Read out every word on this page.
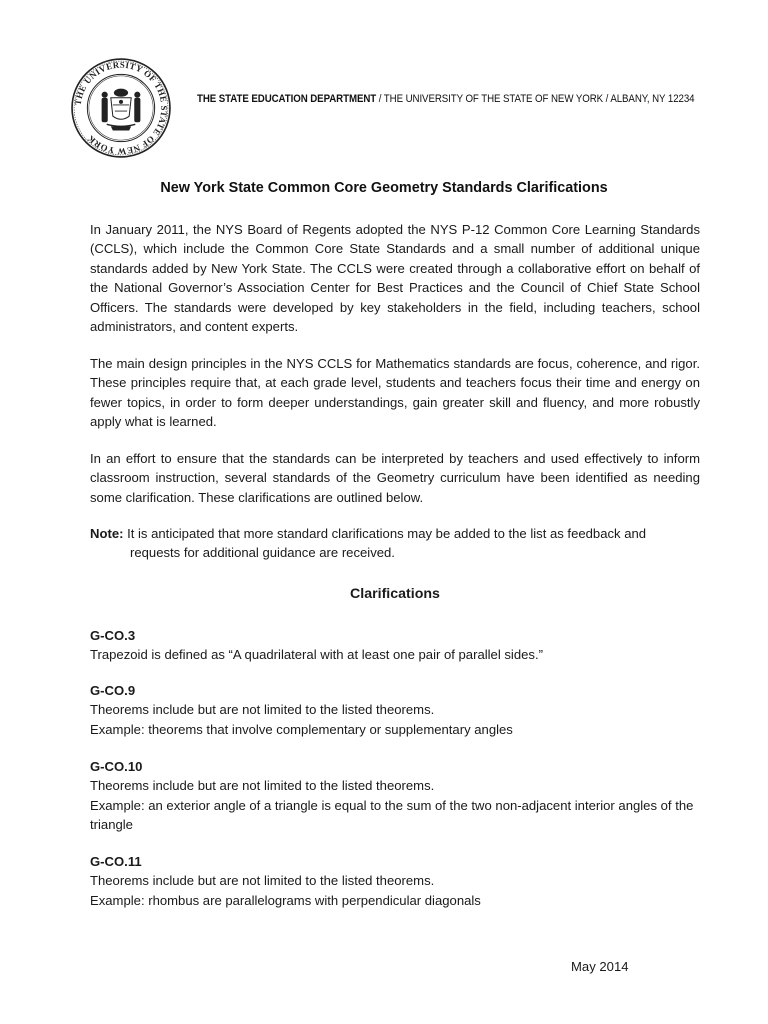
THE UNIVERSITY OF THE STATE OF NEW YORK
THE STATE EDUCATION DEPARTMENT / THE UNIVERSITY OF THE STATE OF NEW YORK / ALBANY, NY 12234
New York State Common Core Geometry Standards Clarifications

In January 2011, the NYS Board of Regents adopted the NYS P-12 Common Core Learning Standards (CCLS), which include the Common Core State Standards and a small number of additional unique standards added by New York State. The CCLS were created through a collaborative effort on behalf of the National Governor’s Association Center for Best Practices and the Council of Chief State School Officers. The standards were developed by key stakeholders in the field, including teachers, school administrators, and content experts.

The main design principles in the NYS CCLS for Mathematics standards are focus, coherence, and rigor. These principles require that, at each grade level, students and teachers focus their time and energy on fewer topics, in order to form deeper understandings, gain greater skill and fluency, and more robustly apply what is learned.

In an effort to ensure that the standards can be interpreted by teachers and used effectively to inform classroom instruction, several standards of the Geometry curriculum have been identified as needing some clarification. These clarifications are outlined below.

Note: It is anticipated that more standard clarifications may be added to the list as feedback and
requests for additional guidance are received.
Clarifications
G-CO.3
Trapezoid is defined as “A quadrilateral with at least one pair of parallel sides.”
G-CO.9
Theorems include but are not limited to the listed theorems.
Example: theorems that involve complementary or supplementary angles
G-CO.10
Theorems include but are not limited to the listed theorems.
Example: an exterior angle of a triangle is equal to the sum of the two non-adjacent interior angles of the triangle
G-CO.11
Theorems include but are not limited to the listed theorems.
Example: rhombus are parallelograms with perpendicular diagonals
May 2014
